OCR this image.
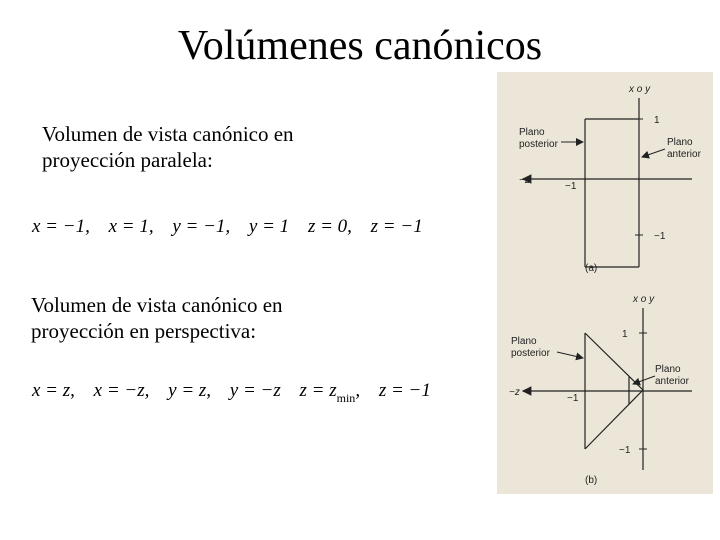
Volúmenes canónicos
Volumen de vista canónico en proyección paralela:
x = −1, x = 1, y = −1, y = 1 z = 0, z = −1
Volumen de vista canónico en proyección en perspectiva:
x = z, x = −z, y = z, y = −z z = zmin, z = −1
x o y
1
−1
−z
−1
Plano
posterior	Plano
anterior
(a)
x o y
1
−1
−z
−1
Plano
posterior
Plano
anterior
(b)
